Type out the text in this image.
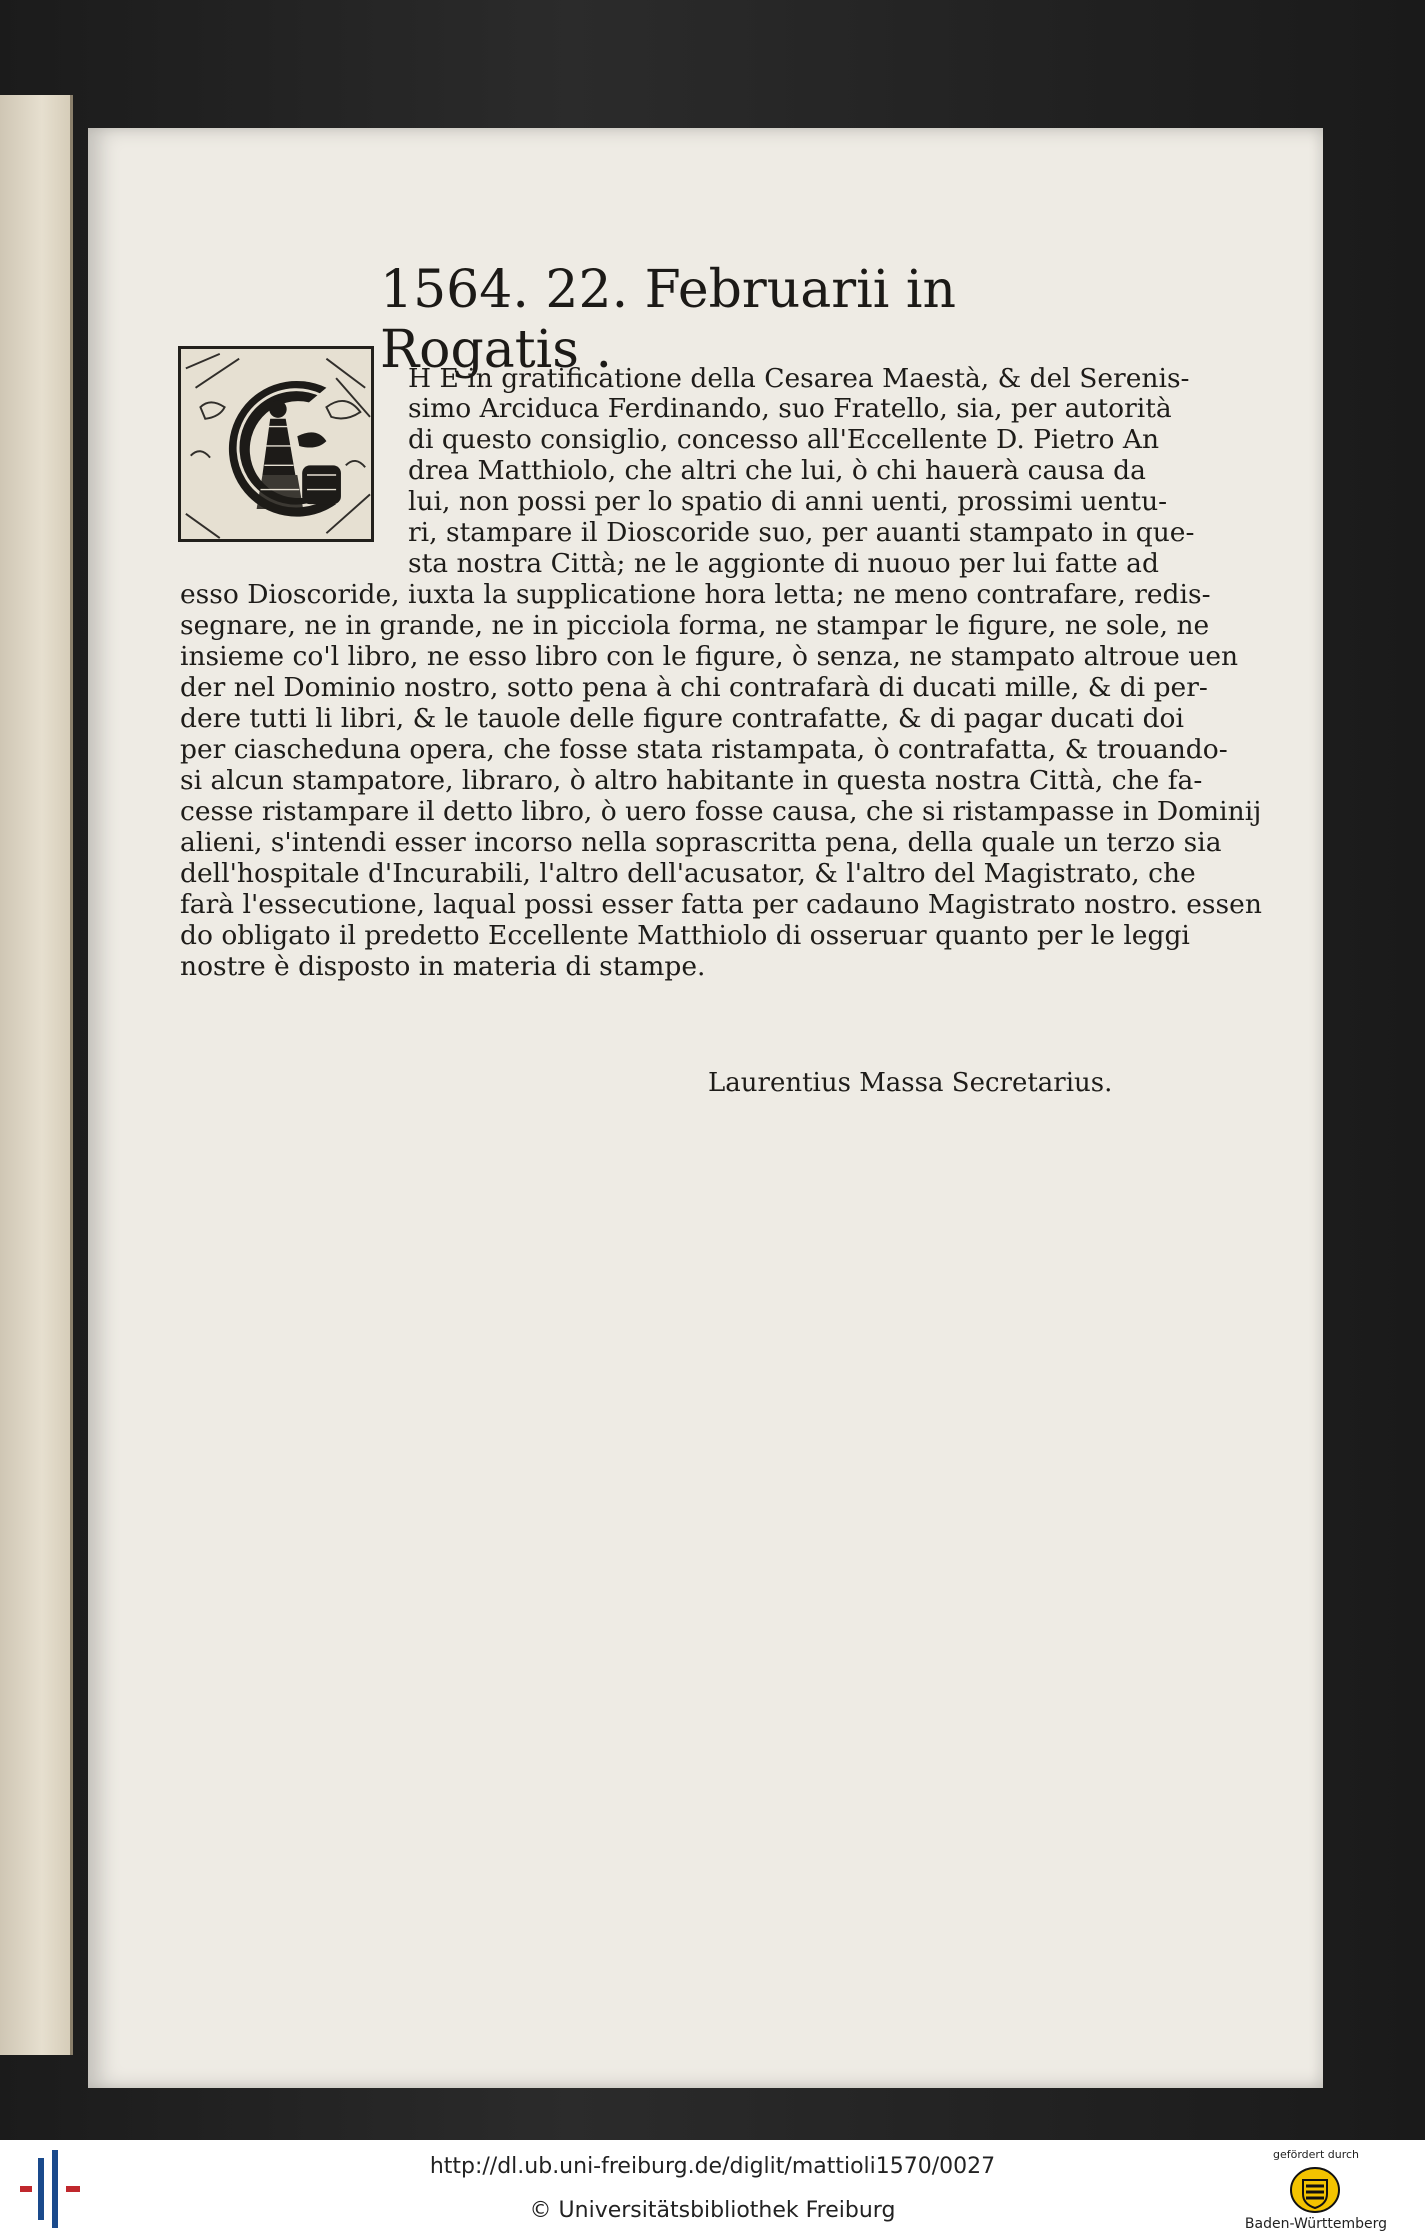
1564. 22. Februarii in Rogatis .
H E in gratificatione della Cesarea Maestà, & del Serenis-
simo Arciduca Ferdinando, suo Fratello, sia, per autorità
di questo consiglio, concesso all'Eccellente D. Pietro An
drea Matthiolo, che altri che lui, ò chi hauerà causa da
lui, non possi per lo spatio di anni uenti, prossimi uentu-
ri, stampare il Dioscoride suo, per auanti stampato in que-
sta nostra Città; ne le aggionte di nuouo per lui fatte ad
esso Dioscoride, iuxta la supplicatione hora letta; ne meno contrafare, redis-
segnare, ne in grande, ne in picciola forma, ne stampar le figure, ne sole, ne
insieme co'l libro, ne esso libro con le figure, ò senza, ne stampato altroue uen
der nel Dominio nostro, sotto pena à chi contrafarà di ducati mille, & di per-
dere tutti li libri, & le tauole delle figure contrafatte, & di pagar ducati doi
per ciascheduna opera, che fosse stata ristampata, ò contrafatta, & trouando-
si alcun stampatore, libraro, ò altro habitante in questa nostra Città, che fa-
cesse ristampare il detto libro, ò uero fosse causa, che si ristampasse in Dominij
alieni, s'intendi esser incorso nella soprascritta pena, della quale un terzo sia
dell'hospitale d'Incurabili, l'altro dell'acusator, & l'altro del Magistrato, che
farà l'essecutione, laqual possi esser fatta per cadauno Magistrato nostro. essen
do obligato il predetto Eccellente Matthiolo di osseruar quanto per le leggi
nostre è disposto in materia di stampe.
Laurentius Massa Secretarius.
http://dl.ub.uni-freiburg.de/diglit/mattioli1570/0027
© Universitätsbibliothek Freiburg
gefördert durch
Baden-Württemberg
